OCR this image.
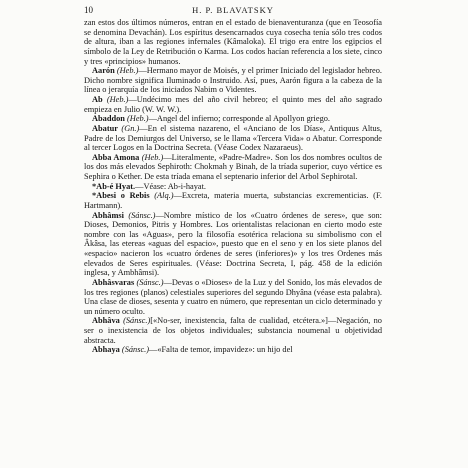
10	H. P. BLAVATSKY

zan estos dos últimos números, entran en el estado de bienaventuranza (que en Teosofía se denomina Devachán). Los espíritus desencarnados cuya cosecha tenía sólo tres codos de altura, iban a las regiones infernales (Kâmaloka). El trigo era entre los egipcios el símbolo de la Ley de Retribución o Karma. Los codos hacían referencia a los siete, cinco y tres «principios» humanos.

Aarón (Heb.)—Hermano mayor de Moisés, y el primer Iniciado del legislador hebreo. Dicho nombre significa Iluminado o Instruido. Así, pues, Aarón figura a la cabeza de la línea o jerarquía de los iniciados Nabim o Videntes.

Ab (Heb.)—Undécimo mes del año civil hebreo; el quinto mes del año sagrado empieza en Julio (W. W. W.).

Abaddon (Heb.)—Angel del infierno; corresponde al Apollyon griego.

Abatur (Gn.)—En el sistema nazareno, el «Anciano de los Días», Antiquus Altus, Padre de los Demiurgos del Universo, se le llama «Tercera Vida» o Abatur. Corresponde al tercer Logos en la Doctrina Secreta. (Véase Codex Nazaraeus).

Abba Amona (Heb.)—Literalmente, «Padre-Madre». Son los dos nombres ocultos de los dos más elevados Sephiroth: Chokmah y Binah, de la tríada superior, cuyo vértice es Sephira o Kether. De esta tríada emana el septenario inferior del Arbol Sephirotal.

*Ab-é Hyat.—Véase: Ab-i-hayat.

*Abesi o Rebis (Alq.)—Excreta, materia muerta, substancias excrementicias. (F. Hartmann).

Abhâmsi (Sánsc.)—Nombre místico de los «Cuatro órdenes de seres», que son: Dioses, Demonios, Pitris y Hombres. Los orientalistas relacionan en cierto modo este nombre con las «Aguas», pero la filosofía esotérica relaciona su simbolismo con el Âkâsa, las etereas «aguas del espacio», puesto que en el seno y en los siete planos del «espacio» nacieron los «cuatro órdenes de seres (inferiores)» y los tres Ordenes más elevados de Seres espirituales. (Véase: Doctrina Secreta, I, pág. 458 de la edición inglesa, y Ambhâmsi).

Abhâsvaras (Sánsc.)—Devas o «Dioses» de la Luz y del Sonido, los más elevados de los tres regiones (planos) celestiales superiores del segundo Dhyâna (véase esta palabra). Una clase de dioses, sesenta y cuatro en número, que representan un ciclo determinado y un número oculto.

Abhâva (Sánsc.)[«No-ser, inexistencia, falta de cualidad, etcétera.»]—Negación, no ser o inexistencia de los objetos individuales; substancia noumenal u objetividad abstracta.

Abhaya (Sánsc.)—«Falta de temor, impavidez»: un hijo del
